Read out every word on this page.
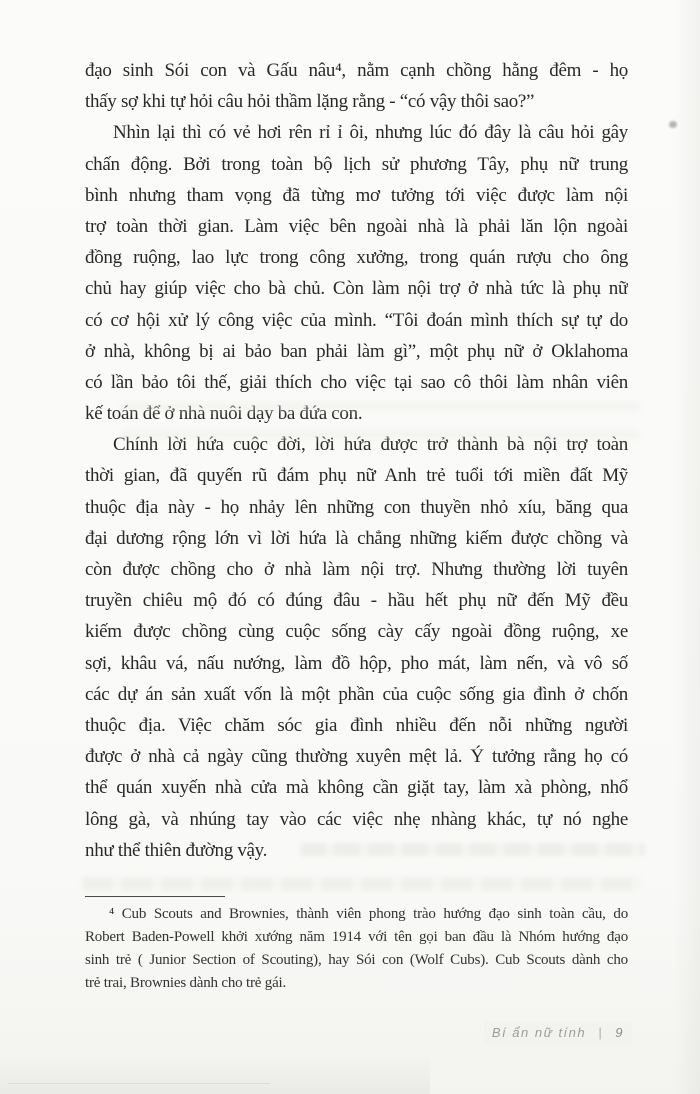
đạo sinh Sói con và Gấu nâu⁴, nằm cạnh chồng hằng đêm - họ
thấy sợ khi tự hỏi câu hỏi thầm lặng rằng - “có vậy thôi sao?”
Nhìn lại thì có vẻ hơi rên rỉ ỉ ôi, nhưng lúc đó đây là câu hỏi gây
chấn động. Bởi trong toàn bộ lịch sử phương Tây, phụ nữ trung
bình nhưng tham vọng đã từng mơ tưởng tới việc được làm nội
trợ toàn thời gian. Làm việc bên ngoài nhà là phải lăn lộn ngoài
đồng ruộng, lao lực trong công xưởng, trong quán rượu cho ông
chủ hay giúp việc cho bà chủ. Còn làm nội trợ ở nhà tức là phụ nữ
có cơ hội xử lý công việc của mình. “Tôi đoán mình thích sự tự do
ở nhà, không bị ai bảo ban phải làm gì”, một phụ nữ ở Oklahoma
có lần bảo tôi thế, giải thích cho việc tại sao cô thôi làm nhân viên
kế toán để ở nhà nuôi dạy ba đứa con.
Chính lời hứa cuộc đời, lời hứa được trở thành bà nội trợ toàn
thời gian, đã quyến rũ đám phụ nữ Anh trẻ tuổi tới miền đất Mỹ
thuộc địa này - họ nhảy lên những con thuyền nhỏ xíu, băng qua
đại dương rộng lớn vì lời hứa là chẳng những kiếm được chồng và
còn được chồng cho ở nhà làm nội trợ. Nhưng thường lời tuyên
truyền chiêu mộ đó có đúng đâu - hầu hết phụ nữ đến Mỹ đều
kiếm được chồng cùng cuộc sống cày cấy ngoài đồng ruộng, xe
sợi, khâu vá, nấu nướng, làm đồ hộp, pho mát, làm nến, và vô số
các dự án sản xuất vốn là một phần của cuộc sống gia đình ở chốn
thuộc địa. Việc chăm sóc gia đình nhiều đến nỗi những người
được ở nhà cả ngày cũng thường xuyên mệt lả. Ý tưởng rằng họ có
thể quán xuyến nhà cửa mà không cần giặt tay, làm xà phòng, nhổ
lông gà, và nhúng tay vào các việc nhẹ nhàng khác, tự nó nghe
như thể thiên đường vậy.
⁴ Cub Scouts and Brownies, thành viên phong trào hướng đạo sinh toàn cầu, do
Robert Baden-Powell khởi xướng năm 1914 với tên gọi ban đầu là Nhóm hướng đạo
sinh trẻ ( Junior Section of Scouting), hay Sói con (Wolf Cubs). Cub Scouts dành cho
trẻ trai, Brownies dành cho trẻ gái.
Bí ẩn nữ tính | 9
